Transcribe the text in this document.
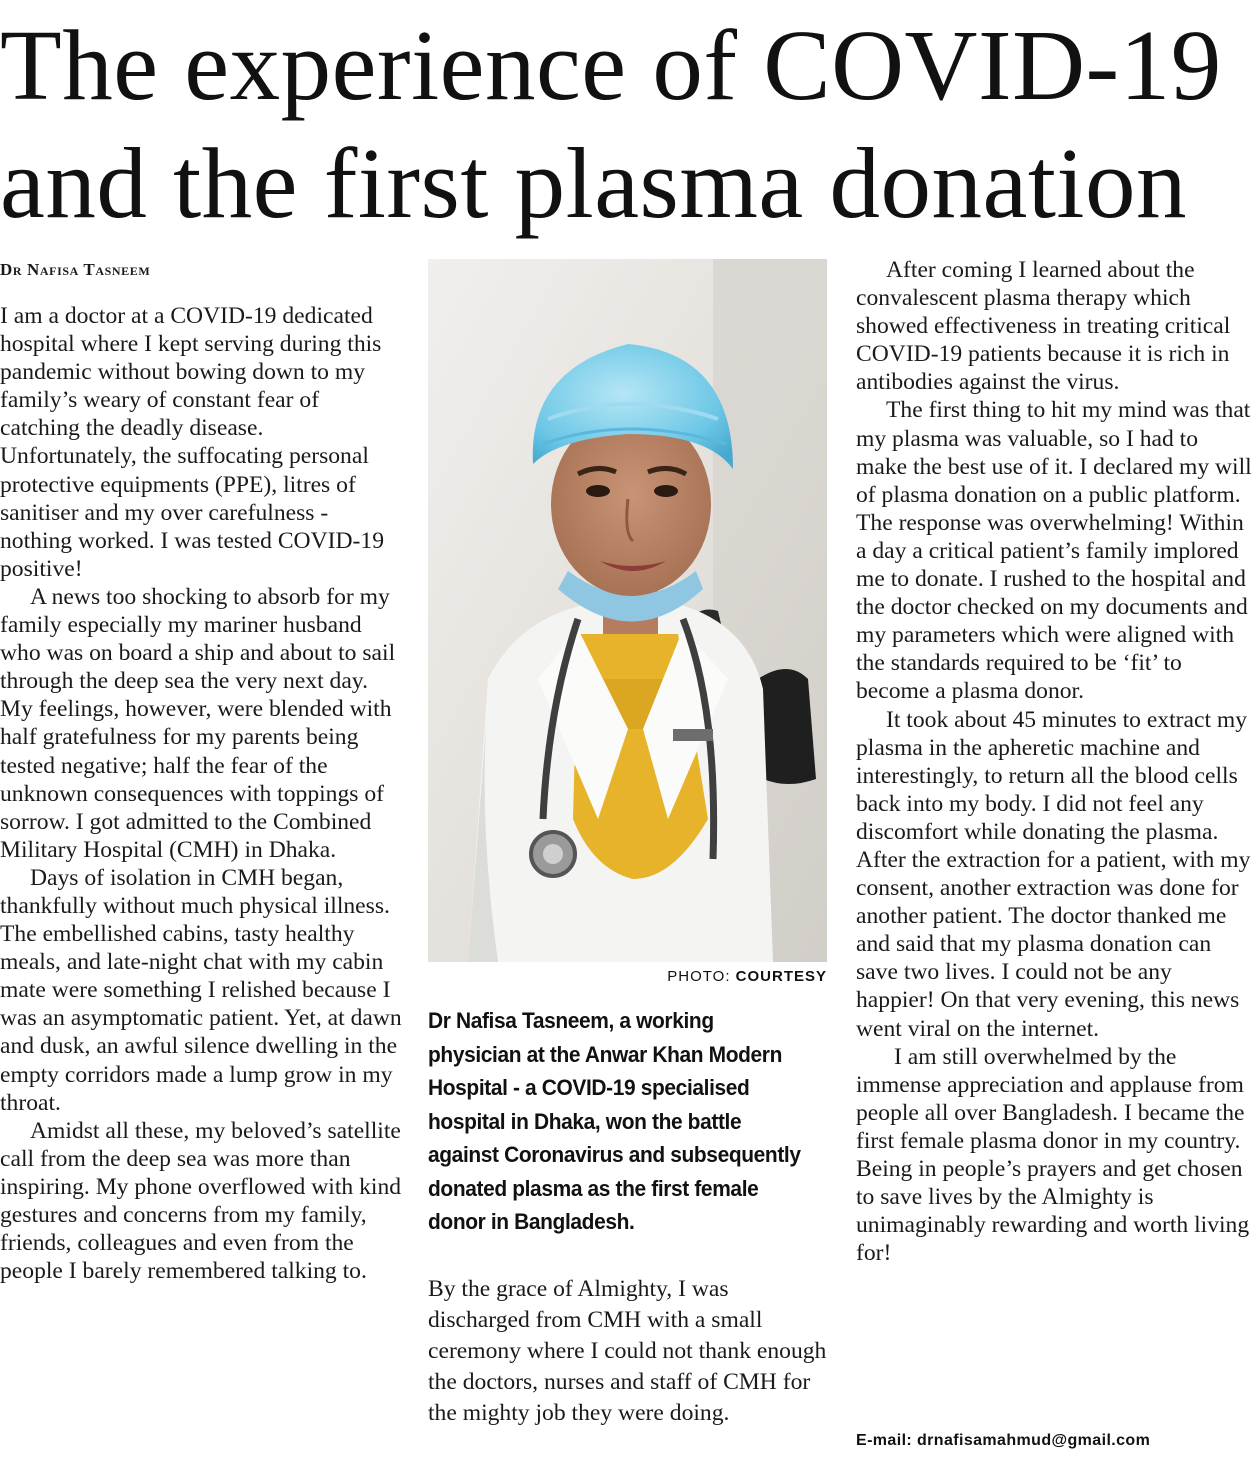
The experience of COVID-19
and the first plasma donation

Dr Nafisa Tasneem

I am a doctor at a COVID-19 dedicated hospital where I kept serving during this pandemic without bowing down to my family’s weary of constant fear of catching the deadly disease. Unfortunately, the suffocating personal protective equipments (PPE), litres of sanitiser and my over carefulness - nothing worked. I was tested COVID-19 positive!

A news too shocking to absorb for my family especially my mariner husband who was on board a ship and about to sail through the deep sea the very next day. My feelings, however, were blended with half gratefulness for my parents being tested negative; half the fear of the unknown consequences with toppings of sorrow. I got admitted to the Combined Military Hospital (CMH) in Dhaka.

Days of isolation in CMH began, thankfully without much physical illness. The embellished cabins, tasty healthy meals, and late-night chat with my cabin mate were something I relished because I was an asymptomatic patient. Yet, at dawn and dusk, an awful silence dwelling in the empty corridors made a lump grow in my throat.

Amidst all these, my beloved’s satellite call from the deep sea was more than inspiring. My phone overflowed with kind gestures and concerns from my family, friends, colleagues and even from the people I barely remembered talking to.

PHOTO: COURTESY

Dr Nafisa Tasneem, a working physician at the Anwar Khan Modern Hospital - a COVID-19 specialised hospital in Dhaka, won the battle against Coronavirus and subsequently donated plasma as the first female donor in Bangladesh.

By the grace of Almighty, I was discharged from CMH with a small ceremony where I could not thank enough the doctors, nurses and staff of CMH for the mighty job they were doing.

After coming I learned about the convalescent plasma therapy which showed effectiveness in treating critical COVID-19 patients because it is rich in antibodies against the virus.

The first thing to hit my mind was that my plasma was valuable, so I had to make the best use of it. I declared my will of plasma donation on a public platform. The response was overwhelming! Within a day a critical patient’s family implored me to donate. I rushed to the hospital and the doctor checked on my documents and my parameters which were aligned with the standards required to be ‘fit’ to become a plasma donor.

It took about 45 minutes to extract my plasma in the apheretic machine and interestingly, to return all the blood cells back into my body. I did not feel any discomfort while donating the plasma. After the extraction for a patient, with my consent, another extraction was done for another patient. The doctor thanked me and said that my plasma donation can save two lives. I could not be any happier! On that very evening, this news went viral on the internet.

I am still overwhelmed by the immense appreciation and applause from people all over Bangladesh. I became the first female plasma donor in my country. Being in people’s prayers and get chosen to save lives by the Almighty is unimaginably rewarding and worth living for!

E-mail: drnafisamahmud@gmail.com
